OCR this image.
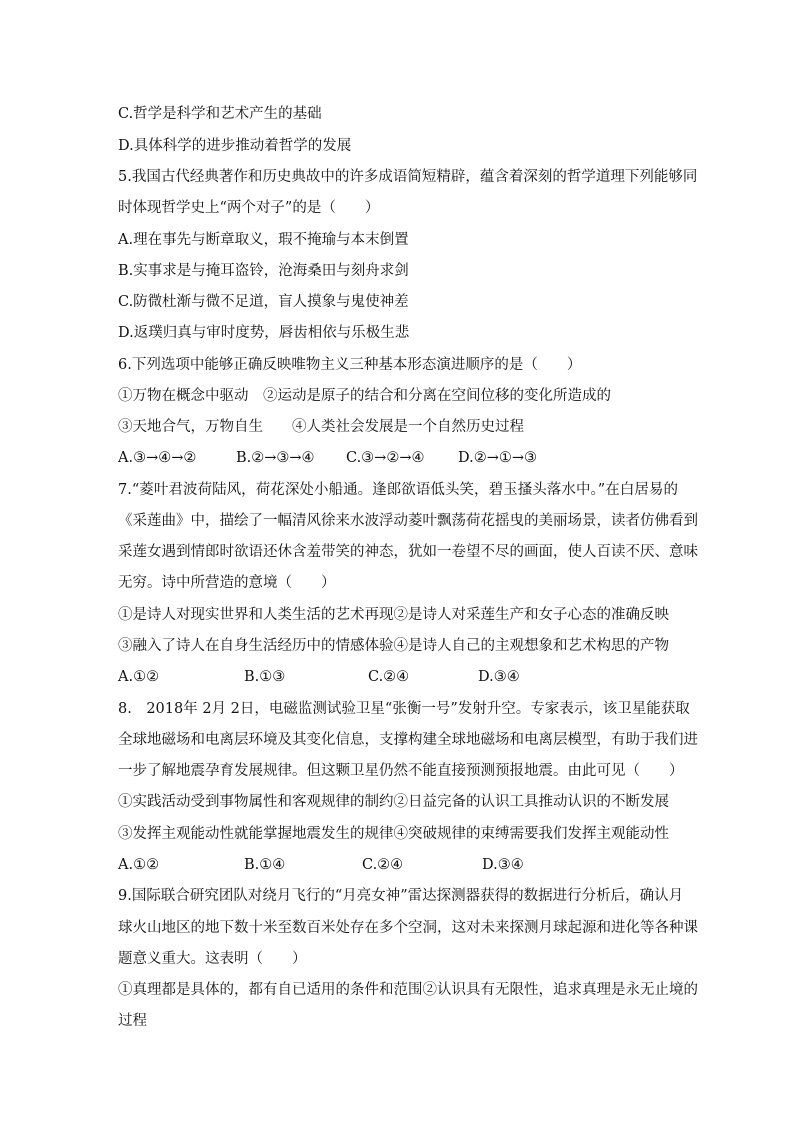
C.哲学是科学和艺术产生的基础
D.具体科学的进步推动着哲学的发展
5.我国古代经典著作和历史典故中的许多成语简短精辟，蕴含着深刻的哲学道理下列能够同
时体现哲学史上“两个对子”的是（　　）
A.理在事先与断章取义，瑕不掩瑜与本末倒置
B.实事求是与掩耳盗铃，沧海桑田与刻舟求剑
C.防微杜渐与微不足道，盲人摸象与鬼使神差
D.返璞归真与审时度势，唇齿相依与乐极生悲
6.下列选项中能够正确反映唯物主义三种基本形态演进顺序的是（　　）
①万物在概念中驱动　②运动是原子的结合和分离在空间位移的变化所造成的
③天地合气，万物自生　　④人类社会发展是一个自然历史过程
A.③→④→②	B.②→③→④ C.③→②→④ D.②→①→③
7.“菱叶君波荷陆风，荷花深处小船通。逢郎欲语低头笑，碧玉搔头落水中。”在白居易的
《采莲曲》中，描绘了一幅清风徐来水波浮动菱叶飘荡荷花摇曳的美丽场景，读者仿佛看到
采莲女遇到情郎时欲语还休含羞带笑的神态，犹如一卷望不尽的画面，使人百读不厌、意味
无穷。诗中所营造的意境（　　）
①是诗人对现实世界和人类生活的艺术再现②是诗人对采莲生产和女子心态的准确反映
③融入了诗人在自身生活经历中的情感体验④是诗人自己的主观想象和艺术构思的产物
A.①②	B.①③	C.②④	D.③④
8.　2018年 2月 2日，电磁监测试验卫星“张衡一号”发射升空。专家表示，该卫星能获取
全球地磁场和电离层环境及其变化信息，支撑构建全球地磁场和电离层模型，有助于我们进
一步了解地震孕育发展规律。但这颗卫星仍然不能直接预测预报地震。由此可见（　　）
①实践活动受到事物属性和客观规律的制约②日益完备的认识工具推动认识的不断发展
③发挥主观能动性就能掌握地震发生的规律④突破规律的束缚需要我们发挥主观能动性
A.①②	B.①④	C.②④	D.③④
9.国际联合研究团队对绕月飞行的“月亮女神”雷达探测器获得的数据进行分析后，确认月
球火山地区的地下数十米至数百米处存在多个空洞，这对未来探测月球起源和进化等各种课
题意义重大。这表明（　　）
①真理都是具体的，都有自已适用的条件和范围②认识具有无限性，追求真理是永无止境的
过程
